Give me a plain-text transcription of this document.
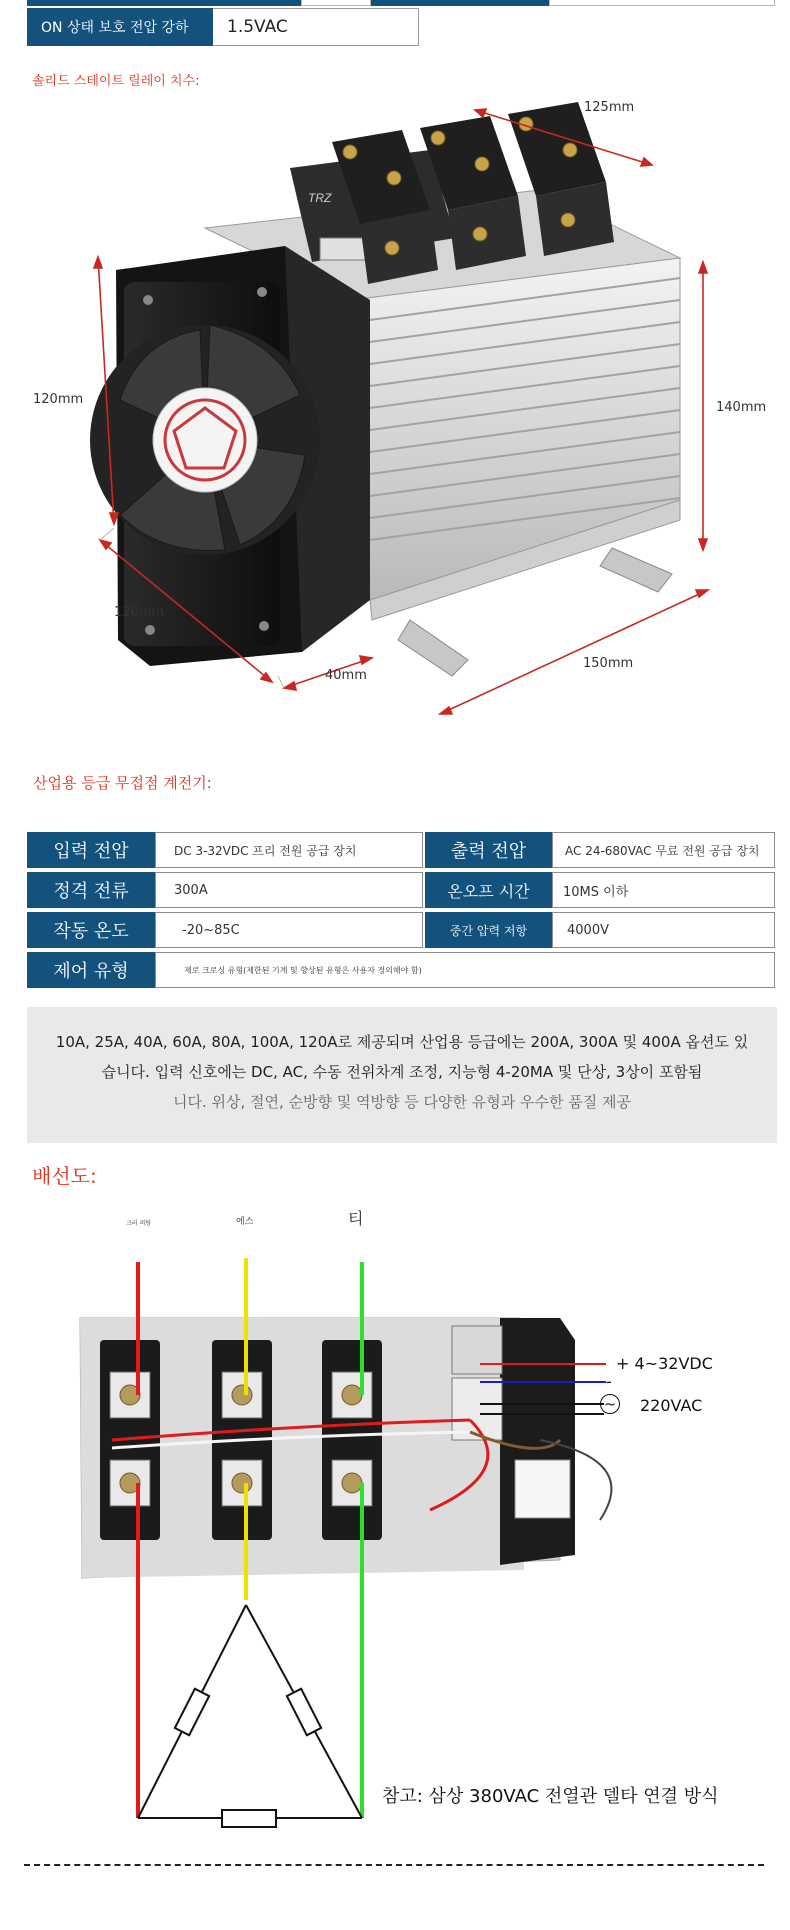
ON 상태 보호 전압 강하	1.5VAC
솔리드 스테이트 릴레이 치수:
TRZ
125mm
120mm
140mm
120mm
40mm
150mm
산업용 등급 무접점 계전기:
입력 전압	DC 3-32VDC 프리 전원 공급 장치	출력 전압	AC 24-680VAC 무료 전원 공급 장치
정격 전류	300A	온오프 시간	10MS 이하
작동 온도	-20~85C	중간 압력 저항	4000V
제어 유형	제로 크로싱 유형(제한된 기계 및 향상된 유형은 사용자 정의해야 함)
10A, 25A, 40A, 60A, 80A, 100A, 120A로 제공되며 산업용 등급에는 200A, 300A 및 400A 옵션도 있
습니다. 입력 신호에는 DC, AC, 수동 전위차계 조정, 지능형 4-20MA 및 단상, 3상이 포함됨
니다. 위상, 절연, 순방향 및 역방향 등 다양한 유형과 우수한 품질 제공
배선도:
크러 퍼팅	에스	티
+ 4~32VDC
-
~ 220VAC
참고: 삼상 380VAC 전열관 델타 연결 방식
